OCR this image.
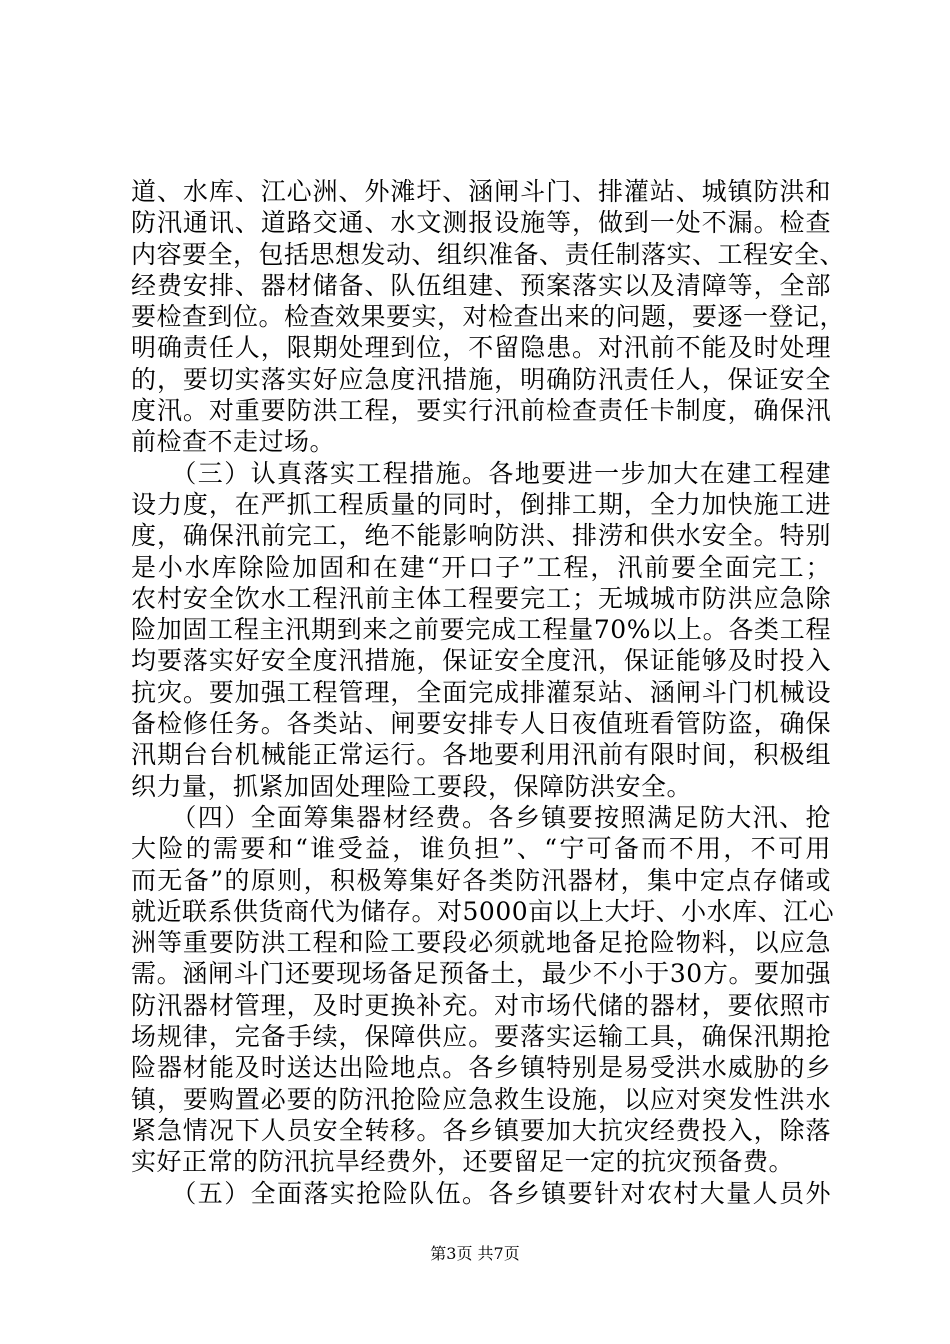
道、水库、江心洲、外滩圩、涵闸斗门、排灌站、城镇防洪和
防汛通讯、道路交通、水文测报设施等，做到一处不漏。检查
内容要全，包括思想发动、组织准备、责任制落实、工程安全、
经费安排、器材储备、队伍组建、预案落实以及清障等，全部
要检查到位。检查效果要实，对检查出来的问题，要逐一登记，
明确责任人，限期处理到位，不留隐患。对汛前不能及时处理
的，要切实落实好应急度汛措施，明确防汛责任人，保证安全
度汛。对重要防洪工程，要实行汛前检查责任卡制度，确保汛
前检查不走过场。
　　（三）认真落实工程措施。各地要进一步加大在建工程建
设力度，在严抓工程质量的同时，倒排工期，全力加快施工进
度，确保汛前完工，绝不能影响防洪、排涝和供水安全。特别
是小水库除险加固和在建“开口子”工程，汛前要全面完工；
农村安全饮水工程汛前主体工程要完工；无城城市防洪应急除
险加固工程主汛期到来之前要完成工程量70%以上。各类工程
均要落实好安全度汛措施，保证安全度汛，保证能够及时投入
抗灾。要加强工程管理，全面完成排灌泵站、涵闸斗门机械设
备检修任务。各类站、闸要安排专人日夜值班看管防盗，确保
汛期台台机械能正常运行。各地要利用汛前有限时间，积极组
织力量，抓紧加固处理险工要段，保障防洪安全。
　　（四）全面筹集器材经费。各乡镇要按照满足防大汛、抢
大险的需要和“谁受益，谁负担”、“宁可备而不用，不可用
而无备”的原则，积极筹集好各类防汛器材，集中定点存储或
就近联系供货商代为储存。对5000亩以上大圩、小水库、江心
洲等重要防洪工程和险工要段必须就地备足抢险物料，以应急
需。涵闸斗门还要现场备足预备土，最少不小于30方。要加强
防汛器材管理，及时更换补充。对市场代储的器材，要依照市
场规律，完备手续，保障供应。要落实运输工具，确保汛期抢
险器材能及时送达出险地点。各乡镇特别是易受洪水威胁的乡
镇，要购置必要的防汛抢险应急救生设施，以应对突发性洪水
紧急情况下人员安全转移。各乡镇要加大抗灾经费投入，除落
实好正常的防汛抗旱经费外，还要留足一定的抗灾预备费。
　　（五）全面落实抢险队伍。各乡镇要针对农村大量人员外
第3页 共7页
